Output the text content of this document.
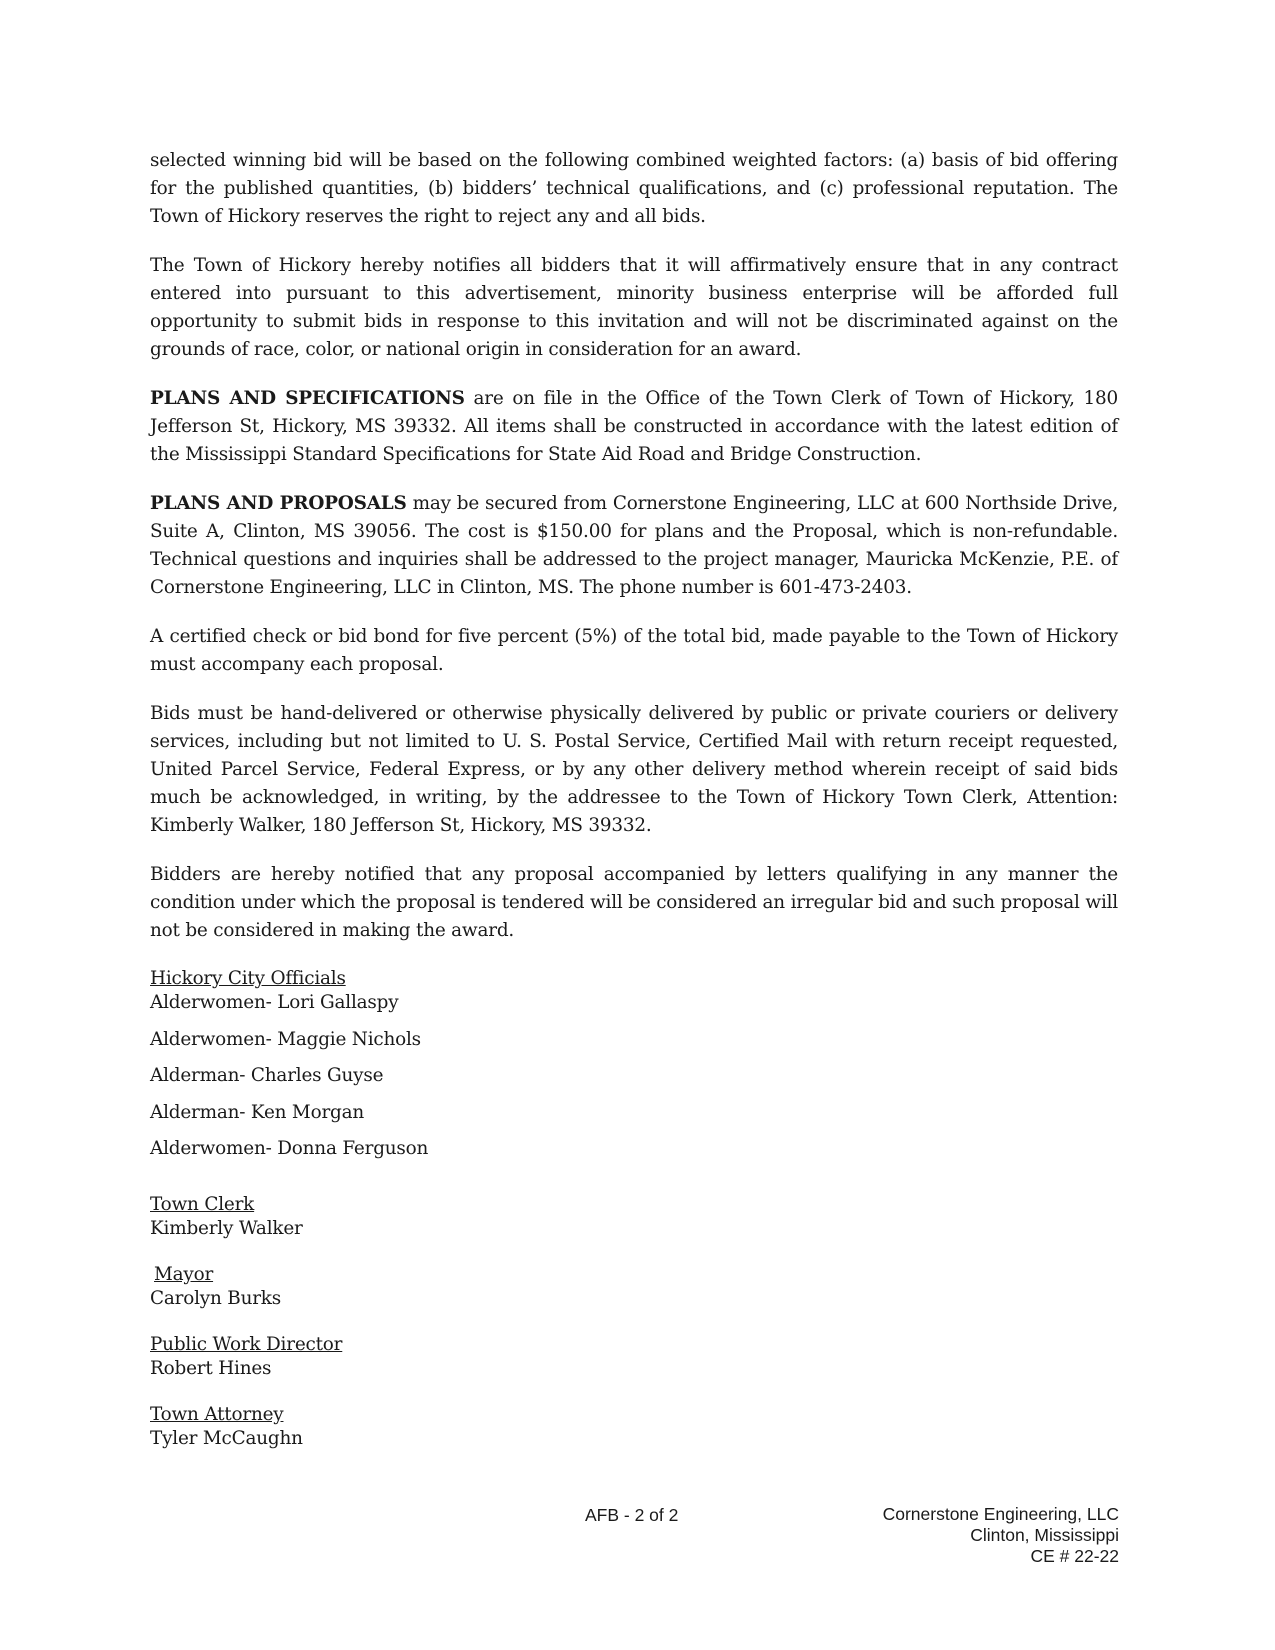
selected winning bid will be based on the following combined weighted factors: (a) basis of bid offering for the published quantities, (b) bidders’ technical qualifications, and (c) professional reputation. The Town of Hickory reserves the right to reject any and all bids.

The Town of Hickory hereby notifies all bidders that it will affirmatively ensure that in any contract entered into pursuant to this advertisement, minority business enterprise will be afforded full opportunity to submit bids in response to this invitation and will not be discriminated against on the grounds of race, color, or national origin in consideration for an award.

PLANS AND SPECIFICATIONS are on file in the Office of the Town Clerk of Town of Hickory, 180 Jefferson St, Hickory, MS 39332. All items shall be constructed in accordance with the latest edition of the Mississippi Standard Specifications for State Aid Road and Bridge Construction.

PLANS AND PROPOSALS may be secured from Cornerstone Engineering, LLC at 600 Northside Drive, Suite A, Clinton, MS 39056. The cost is $150.00 for plans and the Proposal, which is non-refundable. Technical questions and inquiries shall be addressed to the project manager, Mauricka McKenzie, P.E. of Cornerstone Engineering, LLC in Clinton, MS. The phone number is 601-473-2403.

A certified check or bid bond for five percent (5%) of the total bid, made payable to the Town of Hickory must accompany each proposal.

Bids must be hand-delivered or otherwise physically delivered by public or private couriers or delivery services, including but not limited to U. S. Postal Service, Certified Mail with return receipt requested, United Parcel Service, Federal Express, or by any other delivery method wherein receipt of said bids much be acknowledged, in writing, by the addressee to the Town of Hickory Town Clerk, Attention: Kimberly Walker, 180 Jefferson St, Hickory, MS 39332.

Bidders are hereby notified that any proposal accompanied by letters qualifying in any manner the condition under which the proposal is tendered will be considered an irregular bid and such proposal will not be considered in making the award.

Hickory City Officials
Alderwomen- Lori Gallaspy
Alderwomen- Maggie Nichols
Alderman- Charles Guyse
Alderman- Ken Morgan
Alderwomen- Donna Ferguson
Town Clerk
Kimberly Walker
Mayor
Carolyn Burks
Public Work Director
Robert Hines
Town Attorney
Tyler McCaughn
AFB - 2 of 2	Cornerstone Engineering, LLC
Clinton, Mississippi
CE # 22-22
